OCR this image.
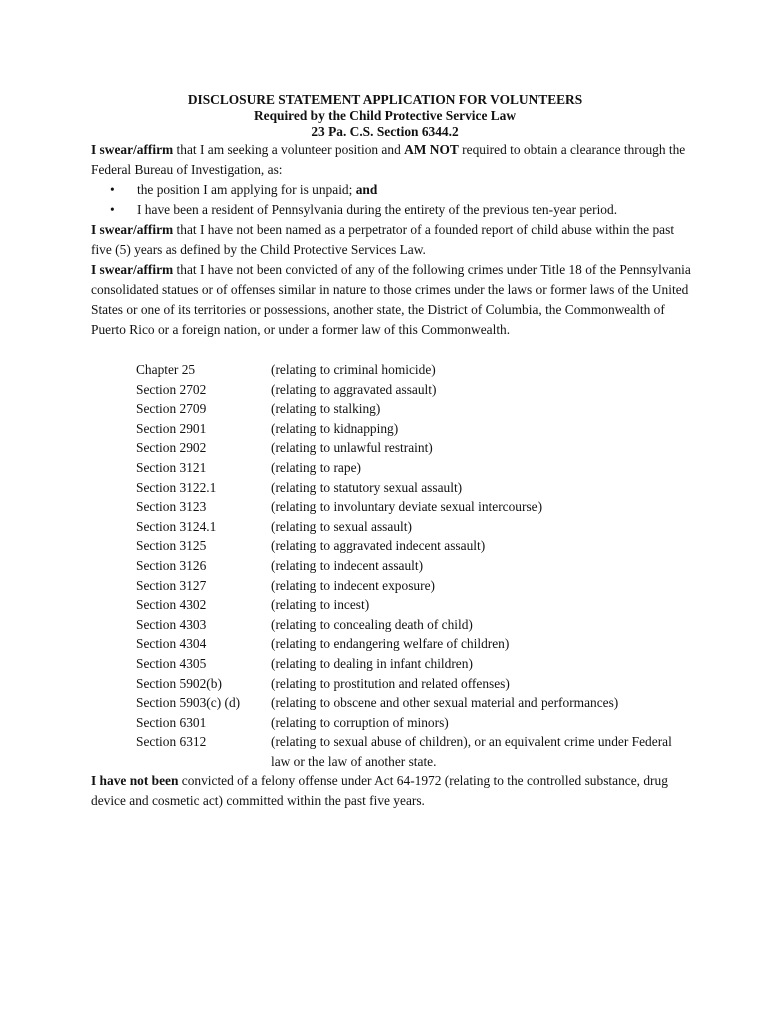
DISCLOSURE STATEMENT APPLICATION FOR VOLUNTEERS
Required by the Child Protective Service Law
23 Pa. C.S. Section 6344.2

I swear/affirm that I am seeking a volunteer position and AM NOT required to obtain a clearance through the Federal Bureau of Investigation, as:

• the position I am applying for is unpaid; and
• I have been a resident of Pennsylvania during the entirety of the previous ten-year period.

I swear/affirm that I have not been named as a perpetrator of a founded report of child abuse within the past five (5) years as defined by the Child Protective Services Law.

I swear/affirm that I have not been convicted of any of the following crimes under Title 18 of the Pennsylvania consolidated statues or of offenses similar in nature to those crimes under the laws or former laws of the United States or one of its territories or possessions, another state, the District of Columbia, the Commonwealth of Puerto Rico or a foreign nation, or under a former law of this Commonwealth.

Chapter 25	(relating to criminal homicide)
Section 2702	(relating to aggravated assault)
Section 2709	(relating to stalking)
Section 2901	(relating to kidnapping)
Section 2902	(relating to unlawful restraint)
Section 3121	(relating to rape)
Section 3122.1	(relating to statutory sexual assault)
Section 3123	(relating to involuntary deviate sexual intercourse)
Section 3124.1	(relating to sexual assault)
Section 3125	(relating to aggravated indecent assault)
Section 3126	(relating to indecent assault)
Section 3127	(relating to indecent exposure)
Section 4302	(relating to incest)
Section 4303	(relating to concealing death of child)
Section 4304	(relating to endangering welfare of children)
Section 4305	(relating to dealing in infant children)
Section 5902(b)	(relating to prostitution and related offenses)
Section 5903(c) (d)	(relating to obscene and other sexual material and performances)
Section 6301	(relating to corruption of minors)
Section 6312	(relating to sexual abuse of children), or an equivalent crime under Federal law or the law of another state.

I have not been convicted of a felony offense under Act 64-1972 (relating to the controlled substance, drug device and cosmetic act) committed within the past five years.
